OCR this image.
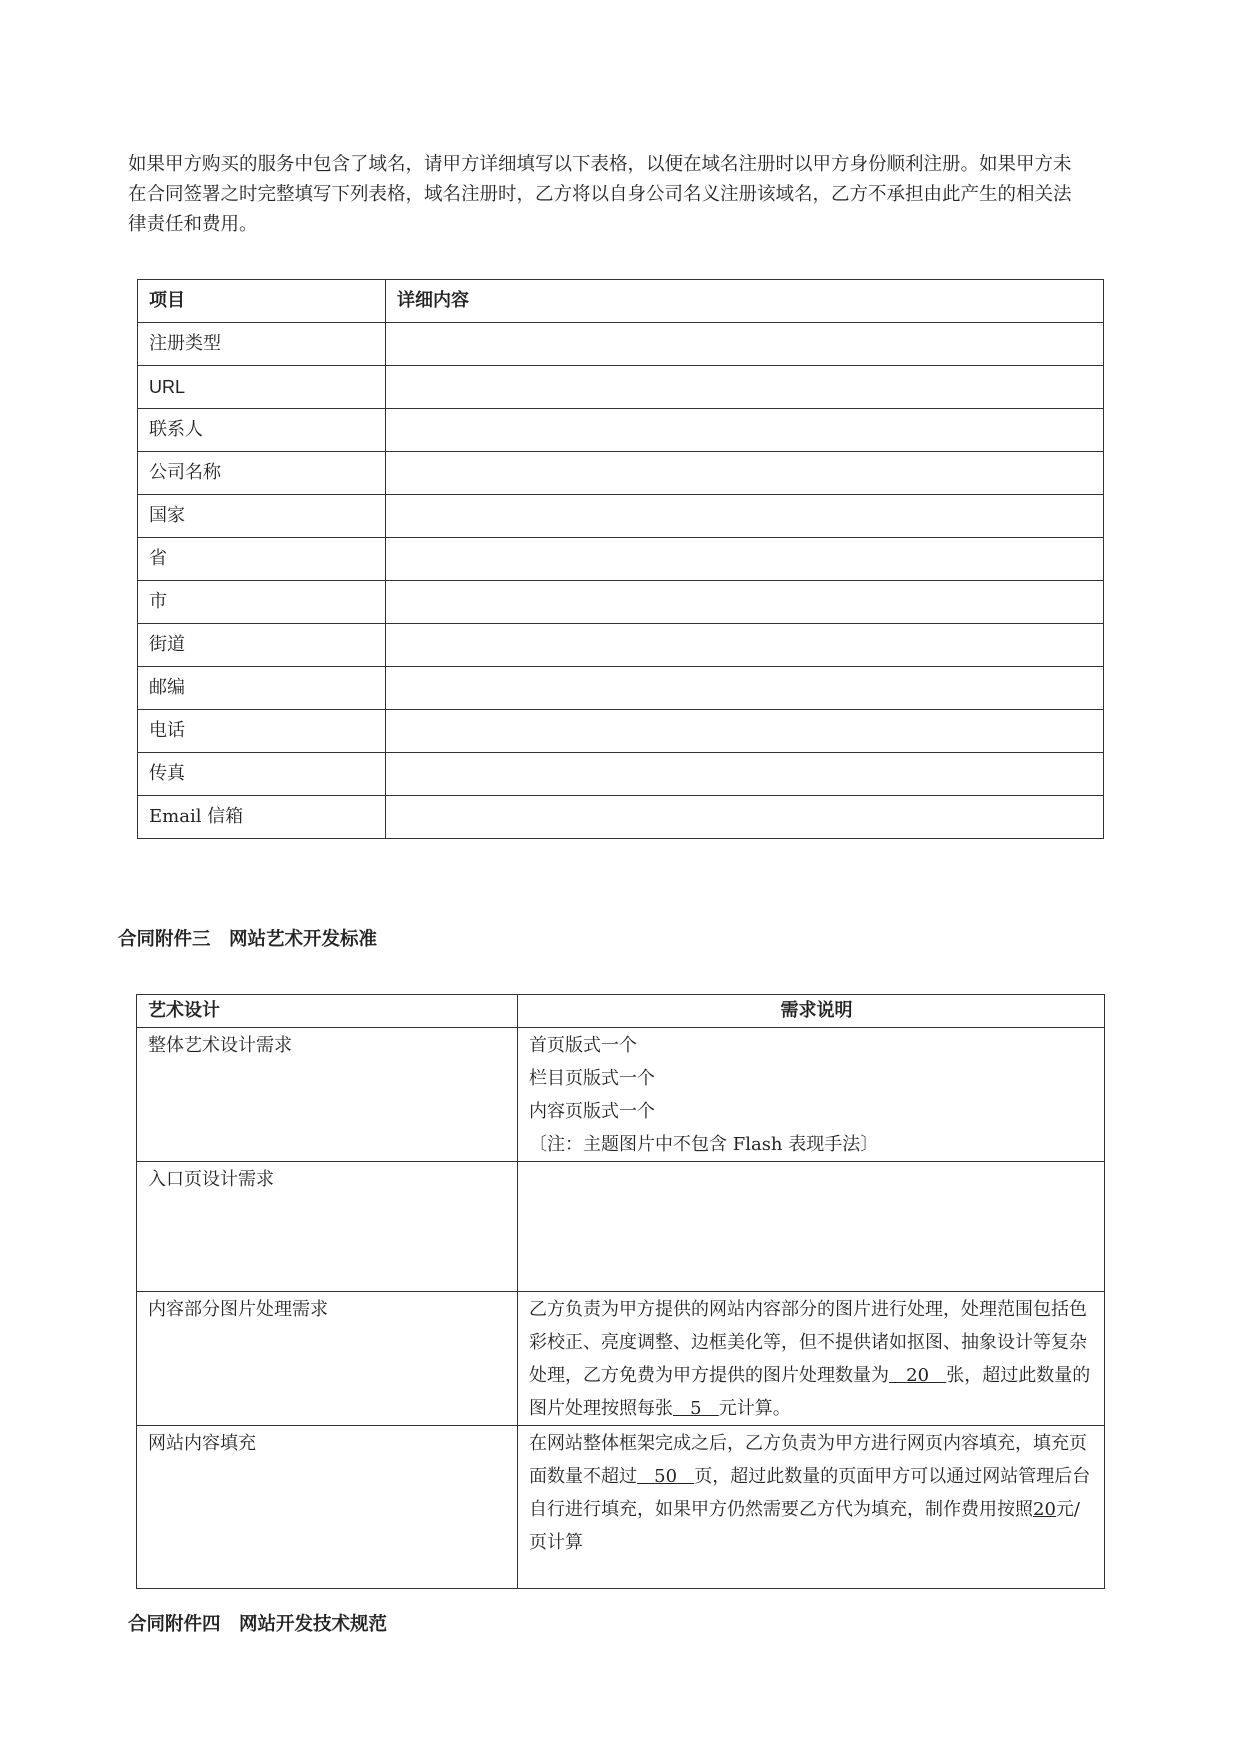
如果甲方购买的服务中包含了域名，请甲方详细填写以下表格，以便在域名注册时以甲方身份顺利注册。如果甲方未在合同签署之时完整填写下列表格，域名注册时，乙方将以自身公司名义注册该域名，乙方不承担由此产生的相关法律责任和费用。

项目	详细内容
注册类型	
URL	
联系人	
公司名称	
国家	
省	
市	
街道	
邮编	
电话	
传真	
Email 信箱	

合同附件三　网站艺术开发标准

艺术设计	需求说明
整体艺术设计需求	首页版式一个
栏目页版式一个
内容页版式一个
〔注：主题图片中不包含 Flash 表现手法〕

入口页设计需求	
内容部分图片处理需求	乙方负责为甲方提供的网站内容部分的图片进行处理，处理范围包括色彩校正、亮度调整、边框美化等，但不提供诸如抠图、抽象设计等复杂处理，乙方免费为甲方提供的图片处理数量为 20 张，超过此数量的图片处理按照每张 5 元计算。
网站内容填充	在网站整体框架完成之后，乙方负责为甲方进行网页内容填充，填充页面数量不超过 50 页，超过此数量的页面甲方可以通过网站管理后台自行进行填充，如果甲方仍然需要乙方代为填充，制作费用按照20元/页计算

合同附件四　网站开发技术规范
